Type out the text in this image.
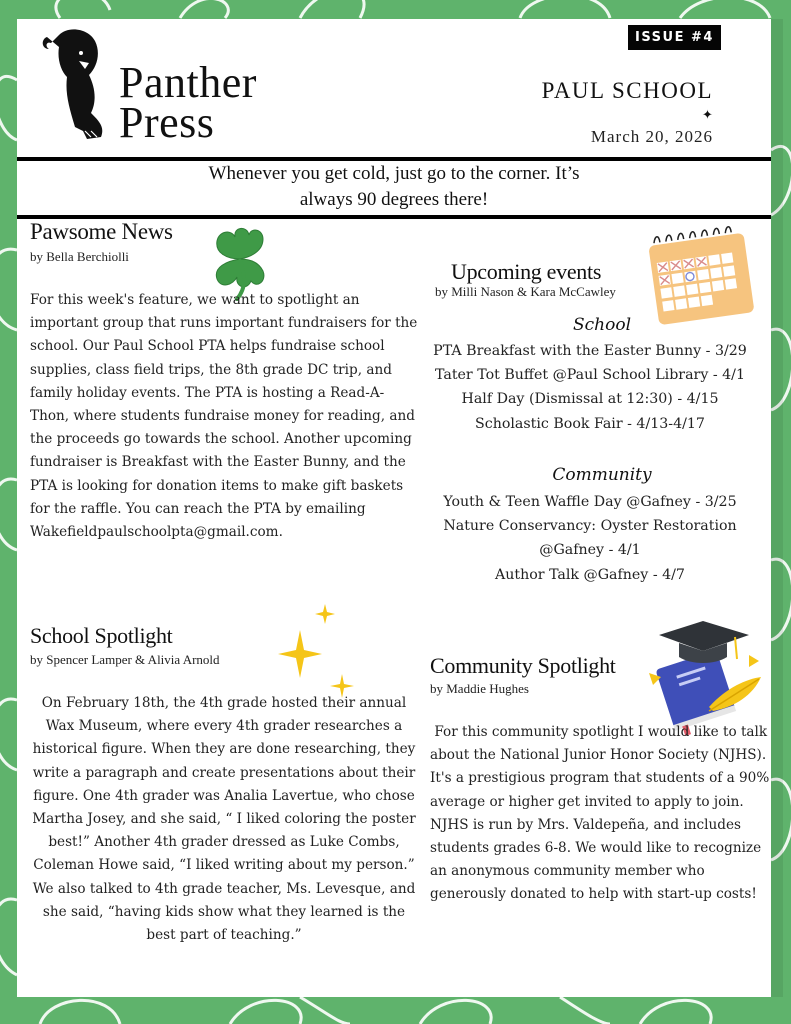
Panther
Press
ISSUE #4
PAUL SCHOOL
✦
March 20, 2026
Whenever you get cold, just go to the corner. It’s
always 90 degrees there!
Pawsome News
by Bella Berchiolli

For this week's feature, we want to spotlight an important group that runs important fundraisers for the school. Our Paul School PTA helps fundraise school supplies, class field trips, the 8th grade DC trip, and family holiday events. The PTA is hosting a Read-A-Thon, where students fundraise money for reading, and the proceeds go towards the school. Another upcoming fundraiser is Breakfast with the Easter Bunny, and the PTA is looking for donation items to make gift baskets for the raffle. You can reach the PTA by emailing Wakefieldpaulschoolpta@gmail.com.

Upcoming events
by Milli Nason & Kara McCawley
School
PTA Breakfast with the Easter Bunny - 3/29
Tater Tot Buffet @Paul School Library - 4/1
Half Day (Dismissal at 12:30) - 4/15
Scholastic Book Fair - 4/13-4/17
Community
Youth & Teen Waffle Day @Gafney - 3/25
Nature Conservancy: Oyster Restoration
@Gafney - 4/1
Author Talk @Gafney - 4/7
School Spotlight
by Spencer Lamper & Alivia Arnold

On February 18th, the 4th grade hosted their annual Wax Museum, where every 4th grader researches a historical figure. When they are done researching, they write a paragraph and create presentations about their figure. One 4th grader was Analia Lavertue, who chose Martha Josey, and she said, “ I liked coloring the poster best!” Another 4th grader dressed as Luke Combs, Coleman Howe said, “I liked writing about my person.” We also talked to 4th grade teacher, Ms. Levesque, and she said, “having kids show what they learned is the best part of teaching.”

Community Spotlight
by Maddie Hughes

For this community spotlight I would like to talk about the National Junior Honor Society (NJHS).  It's a prestigious program that students of a 90% average or higher get invited to apply to join. NJHS is run by Mrs. Valdepeña, and includes students grades 6-8. We would like to recognize an anonymous community member who generously donated to help with start-up costs!
